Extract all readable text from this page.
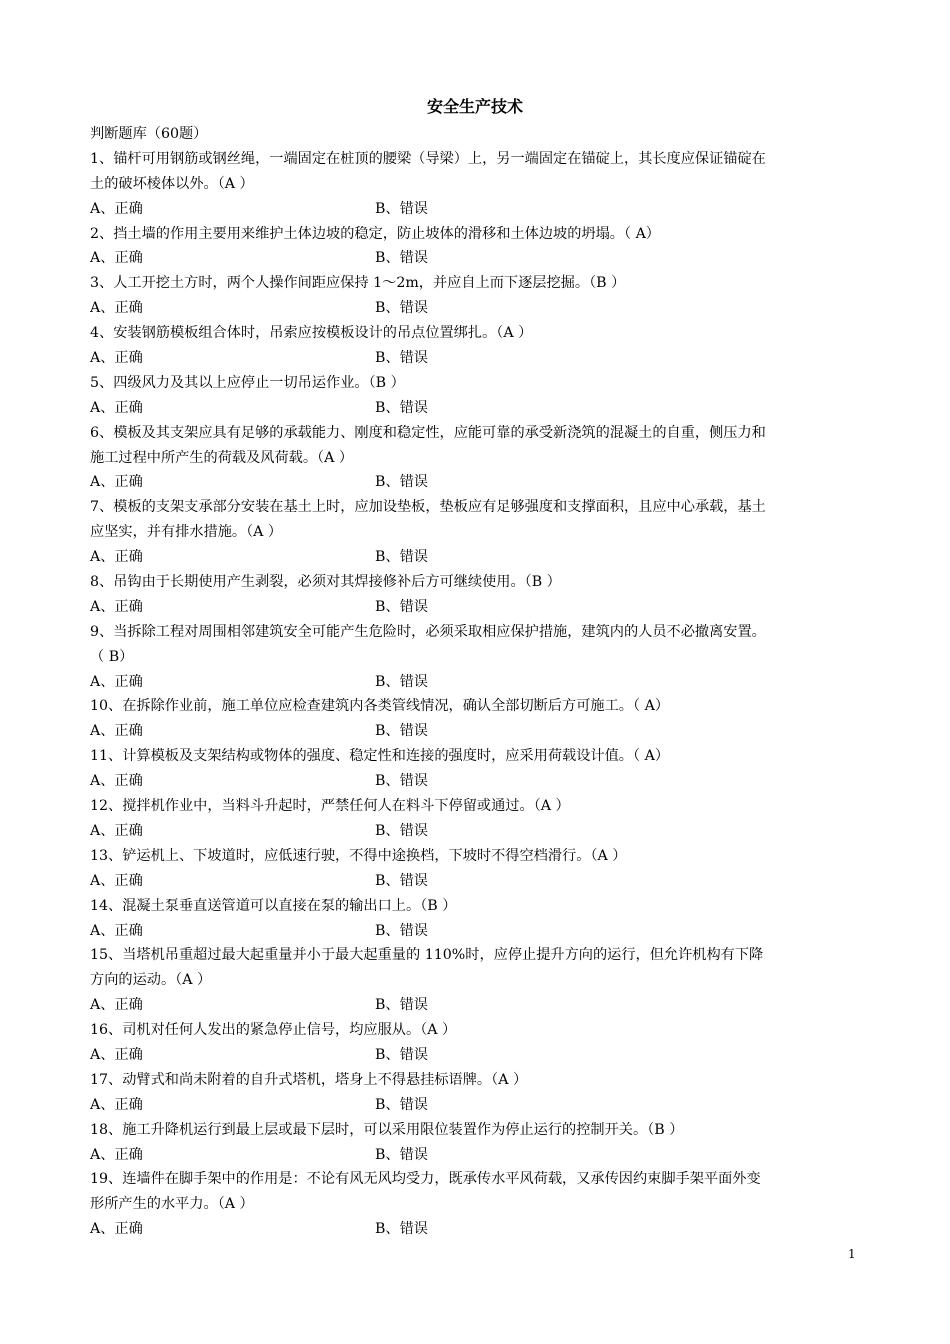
安全生产技术
判断题库（60题）
1、锚杆可用钢筋或钢丝绳，一端固定在桩顶的腰梁（导梁）上，另一端固定在锚碇上，其长度应保证锚碇在
土的破坏棱体以外。（A ）
A、正确	B、错误
2、挡土墙的作用主要用来维护土体边坡的稳定，防止坡体的滑移和土体边坡的坍塌。（ A）
A、正确	B、错误
3、人工开挖土方时，两个人操作间距应保持 1～2m，并应自上而下逐层挖掘。（B ）
A、正确	B、错误
4、安装钢筋模板组合体时，吊索应按模板设计的吊点位置绑扎。（A ）
A、正确	B、错误
5、四级风力及其以上应停止一切吊运作业。（B ）
A、正确	B、错误
6、模板及其支架应具有足够的承载能力、刚度和稳定性，应能可靠的承受新浇筑的混凝土的自重，侧压力和
施工过程中所产生的荷载及风荷载。（A ）
A、正确	B、错误
7、模板的支架支承部分安装在基土上时，应加设垫板，垫板应有足够强度和支撑面积，且应中心承载，基土
应坚实，并有排水措施。（A ）
A、正确	B、错误
8、吊钩由于长期使用产生剥裂，必须对其焊接修补后方可继续使用。（B ）
A、正确	B、错误
9、当拆除工程对周围相邻建筑安全可能产生危险时，必须采取相应保护措施，建筑内的人员不必撤离安置。
（ B）
A、正确	B、错误
10、在拆除作业前，施工单位应检查建筑内各类管线情况，确认全部切断后方可施工。（ A）
A、正确	B、错误
11、计算模板及支架结构或物体的强度、稳定性和连接的强度时，应采用荷载设计值。（ A）
A、正确	B、错误
12、搅拌机作业中，当料斗升起时，严禁任何人在料斗下停留或通过。（A ）
A、正确	B、错误
13、铲运机上、下坡道时，应低速行驶，不得中途换档，下坡时不得空档滑行。（A ）
A、正确	B、错误
14、混凝土泵垂直送管道可以直接在泵的输出口上。（B ）
A、正确	B、错误
15、当塔机吊重超过最大起重量并小于最大起重量的 110%时，应停止提升方向的运行，但允许机构有下降
方向的运动。（A ）
A、正确	B、错误
16、司机对任何人发出的紧急停止信号，均应服从。（A ）
A、正确	B、错误
17、动臂式和尚未附着的自升式塔机，塔身上不得悬挂标语牌。（A ）
A、正确	B、错误
18、施工升降机运行到最上层或最下层时，可以采用限位装置作为停止运行的控制开关。（B ）
A、正确	B、错误
19、连墙件在脚手架中的作用是：不论有风无风均受力，既承传水平风荷载，又承传因约束脚手架平面外变
形所产生的水平力。（A ）
A、正确	B、错误
1
